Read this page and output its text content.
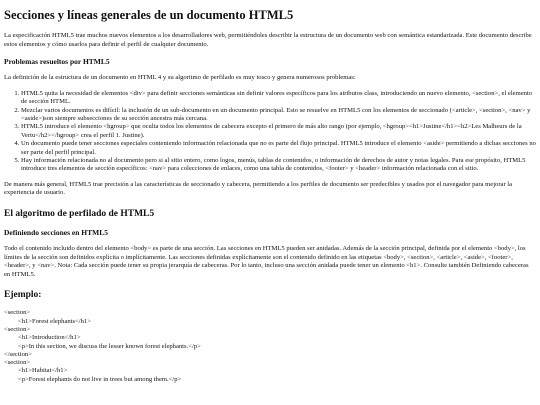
Secciones y líneas generales de un documento HTML5

La especificación HTML5 trae muchos nuevos elementos a los desarrolladores web, permitiéndoles describir la estructura de un documento web con semántica estandarizada. Este documento describe estos elementos y cómo usarlos para definir el perfil de cualquier documento.

Problemas resueltos por HTML5

La definición de la estructura de un documento en HTML 4 y su algoritmo de perfilado es muy tosco y genera numerosos problemas:

1. HTML5 quita la necesidad de elementos <div> para definir secciones semánticas sin definir valores específicos para los atributos class, introduciendo un nuevo elemento, <section>, el elemento de sección HTML.
2. Mezclar varios documentos es difícil: la inclusión de un sub-documento en un documento principal. Esto se resuelve en HTML5 con los elementos de seccionado (<article>, <section>, <nav> y <aside>)son siempre subsecciones de su sección ancestra más cercana.
3. HTML5 introduce el elemento <hgroup> que oculta todos los elementos de cabecera excepto el primero de más alto rango (por ejemplo, <hgroup><h1>Justine</h1><h2>Les Malheurs de la Vertu</h2></hgroup> crea el perfil 1. Justine).
4. Un documento puede tener secciones especiales conteniendo información relacionada que no es parte del flujo principal. HTML5 introduce el elemento <aside> permitiendo a dichas secciones no ser parte del perfil principal.
5. Hay información relacionada no al documento pero si al sitio entero, como logos, menús, tablas de contenidos, o información de derechos de autor y notas legales. Para ese propósito, HTML5 introduce tres elementos de sección específicos: <nav> para colecciones de enlaces, como una tabla de contenidos, <footer> y <header> información relacionada con el sitio.

De manera más general, HTML5 trae precisión a las características de seccionado y cabecera, permitiendo a los perfiles de documento ser predecibles y usados por el navegador para mejorar la experiencia de usuario.

El algoritmo de perfilado de HTML5
Definiendo secciones en HTML5

Todo el contenido incluido dentro del elemento <body> es parte de una sección. Las secciones en HTML5 pueden ser anidadas. Además de la sección principal, definida por el elemento <body>, los límites de la sección son definidos explícita o implícitamente. Las secciones definidas explícitamente son el contenido definido en las etiquetas <body>, <section>, <article>, <aside>, <footer>, <header>, y <nav>. Nota: Cada sección puede tener su propia jerarquía de cabeceras. Por lo tanto, incluso una sección anidada puede tener un elemento <h1>. Consulte también Definiendo cabeceras en HTML5.

Ejemplo:
<section>
<h1>Forest elephants</h1>
<section>
<h1>Introduction</h1>
<p>In this section, we discuss the lesser known forest elephants.</p>
</section>
<section>
<h1>Habitat</h1>
<p>Forest elephants do not live in trees but among them.</p>
